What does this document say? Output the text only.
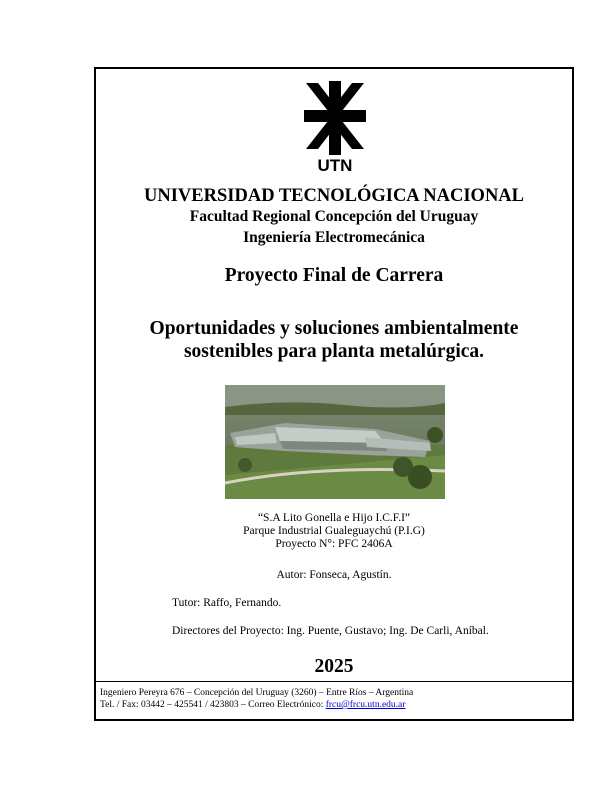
UTN
UNIVERSIDAD TECNOLÓGICA NACIONAL
Facultad Regional Concepción del Uruguay
Ingeniería Electromecánica
Proyecto Final de Carrera
Oportunidades y soluciones ambientalmente
sostenibles para planta metalúrgica.
“S.A Lito Gonella e Hijo I.C.F.I”
Parque Industrial Gualeguaychú (P.I.G)
Proyecto N°: PFC 2406A
Autor: Fonseca, Agustín.
Tutor: Raffo, Fernando.
Directores del Proyecto: Ing. Puente, Gustavo; Ing. De Carli, Aníbal.
2025
Ingeniero Pereyra 676 – Concepción del Uruguay (3260) – Entre Ríos – Argentina
Tel. / Fax: 03442 – 425541 / 423803 – Correo Electrónico: frcu@frcu.utn.edu.ar
